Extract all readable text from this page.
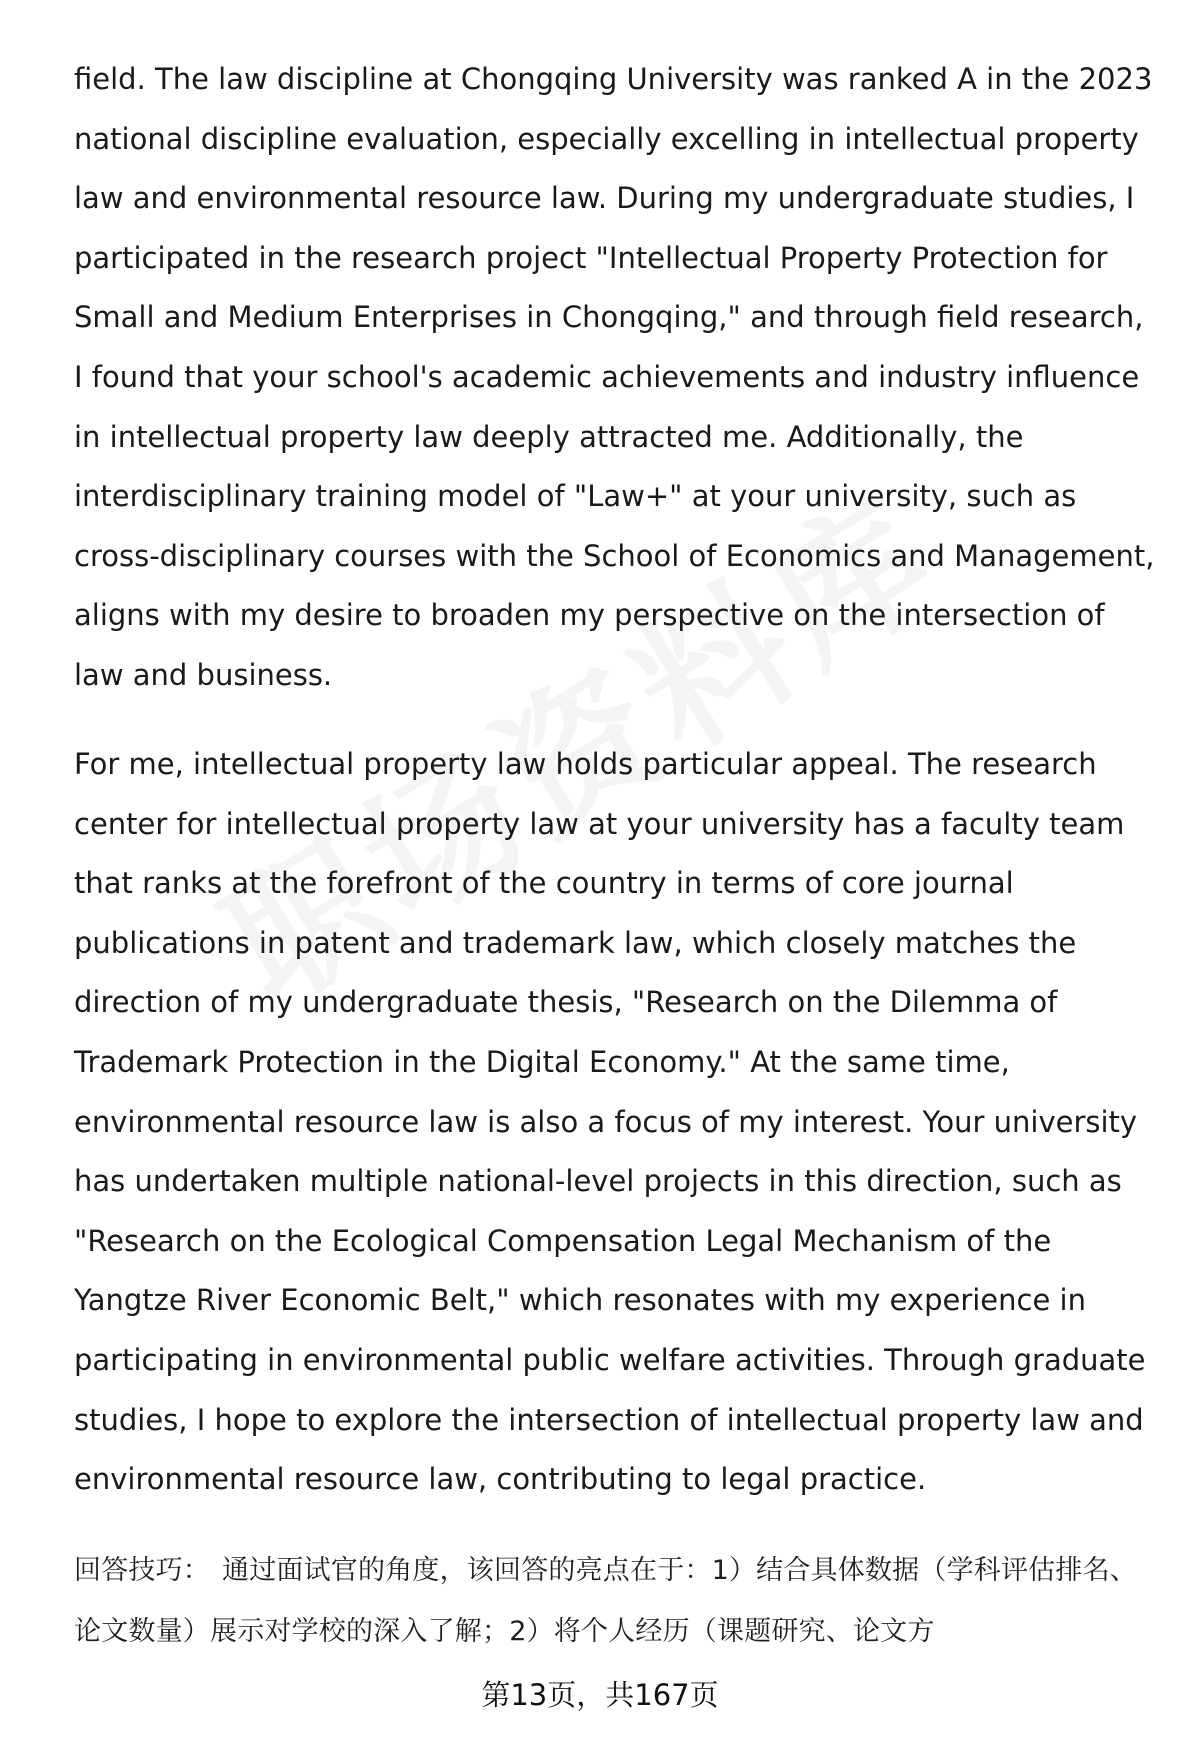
field. The law discipline at Chongqing University was ranked A in the 2023 national discipline evaluation, especially excelling in intellectual property law and environmental resource law. During my undergraduate studies, I participated in the research project "Intellectual Property Protection for Small and Medium Enterprises in Chongqing," and through field research, I found that your school's academic achievements and industry influence in intellectual property law deeply attracted me. Additionally, the interdisciplinary training model of "Law+" at your university, such as cross-disciplinary courses with the School of Economics and Management, aligns with my desire to broaden my perspective on the intersection of law and business.

For me, intellectual property law holds particular appeal. The research center for intellectual property law at your university has a faculty team that ranks at the forefront of the country in terms of core journal publications in patent and trademark law, which closely matches the direction of my undergraduate thesis, "Research on the Dilemma of Trademark Protection in the Digital Economy." At the same time, environmental resource law is also a focus of my interest. Your university has undertaken multiple national-level projects in this direction, such as "Research on the Ecological Compensation Legal Mechanism of the Yangtze River Economic Belt," which resonates with my experience in participating in environmental public welfare activities. Through graduate studies, I hope to explore the intersection of intellectual property law and environmental resource law, contributing to legal practice.

回答技巧： 通过面试官的角度，该回答的亮点在于：1）结合具体数据（学科评估排名、论文数量）展示对学校的深入了解；2）将个人经历（课题研究、论文方

第13页，共167页
